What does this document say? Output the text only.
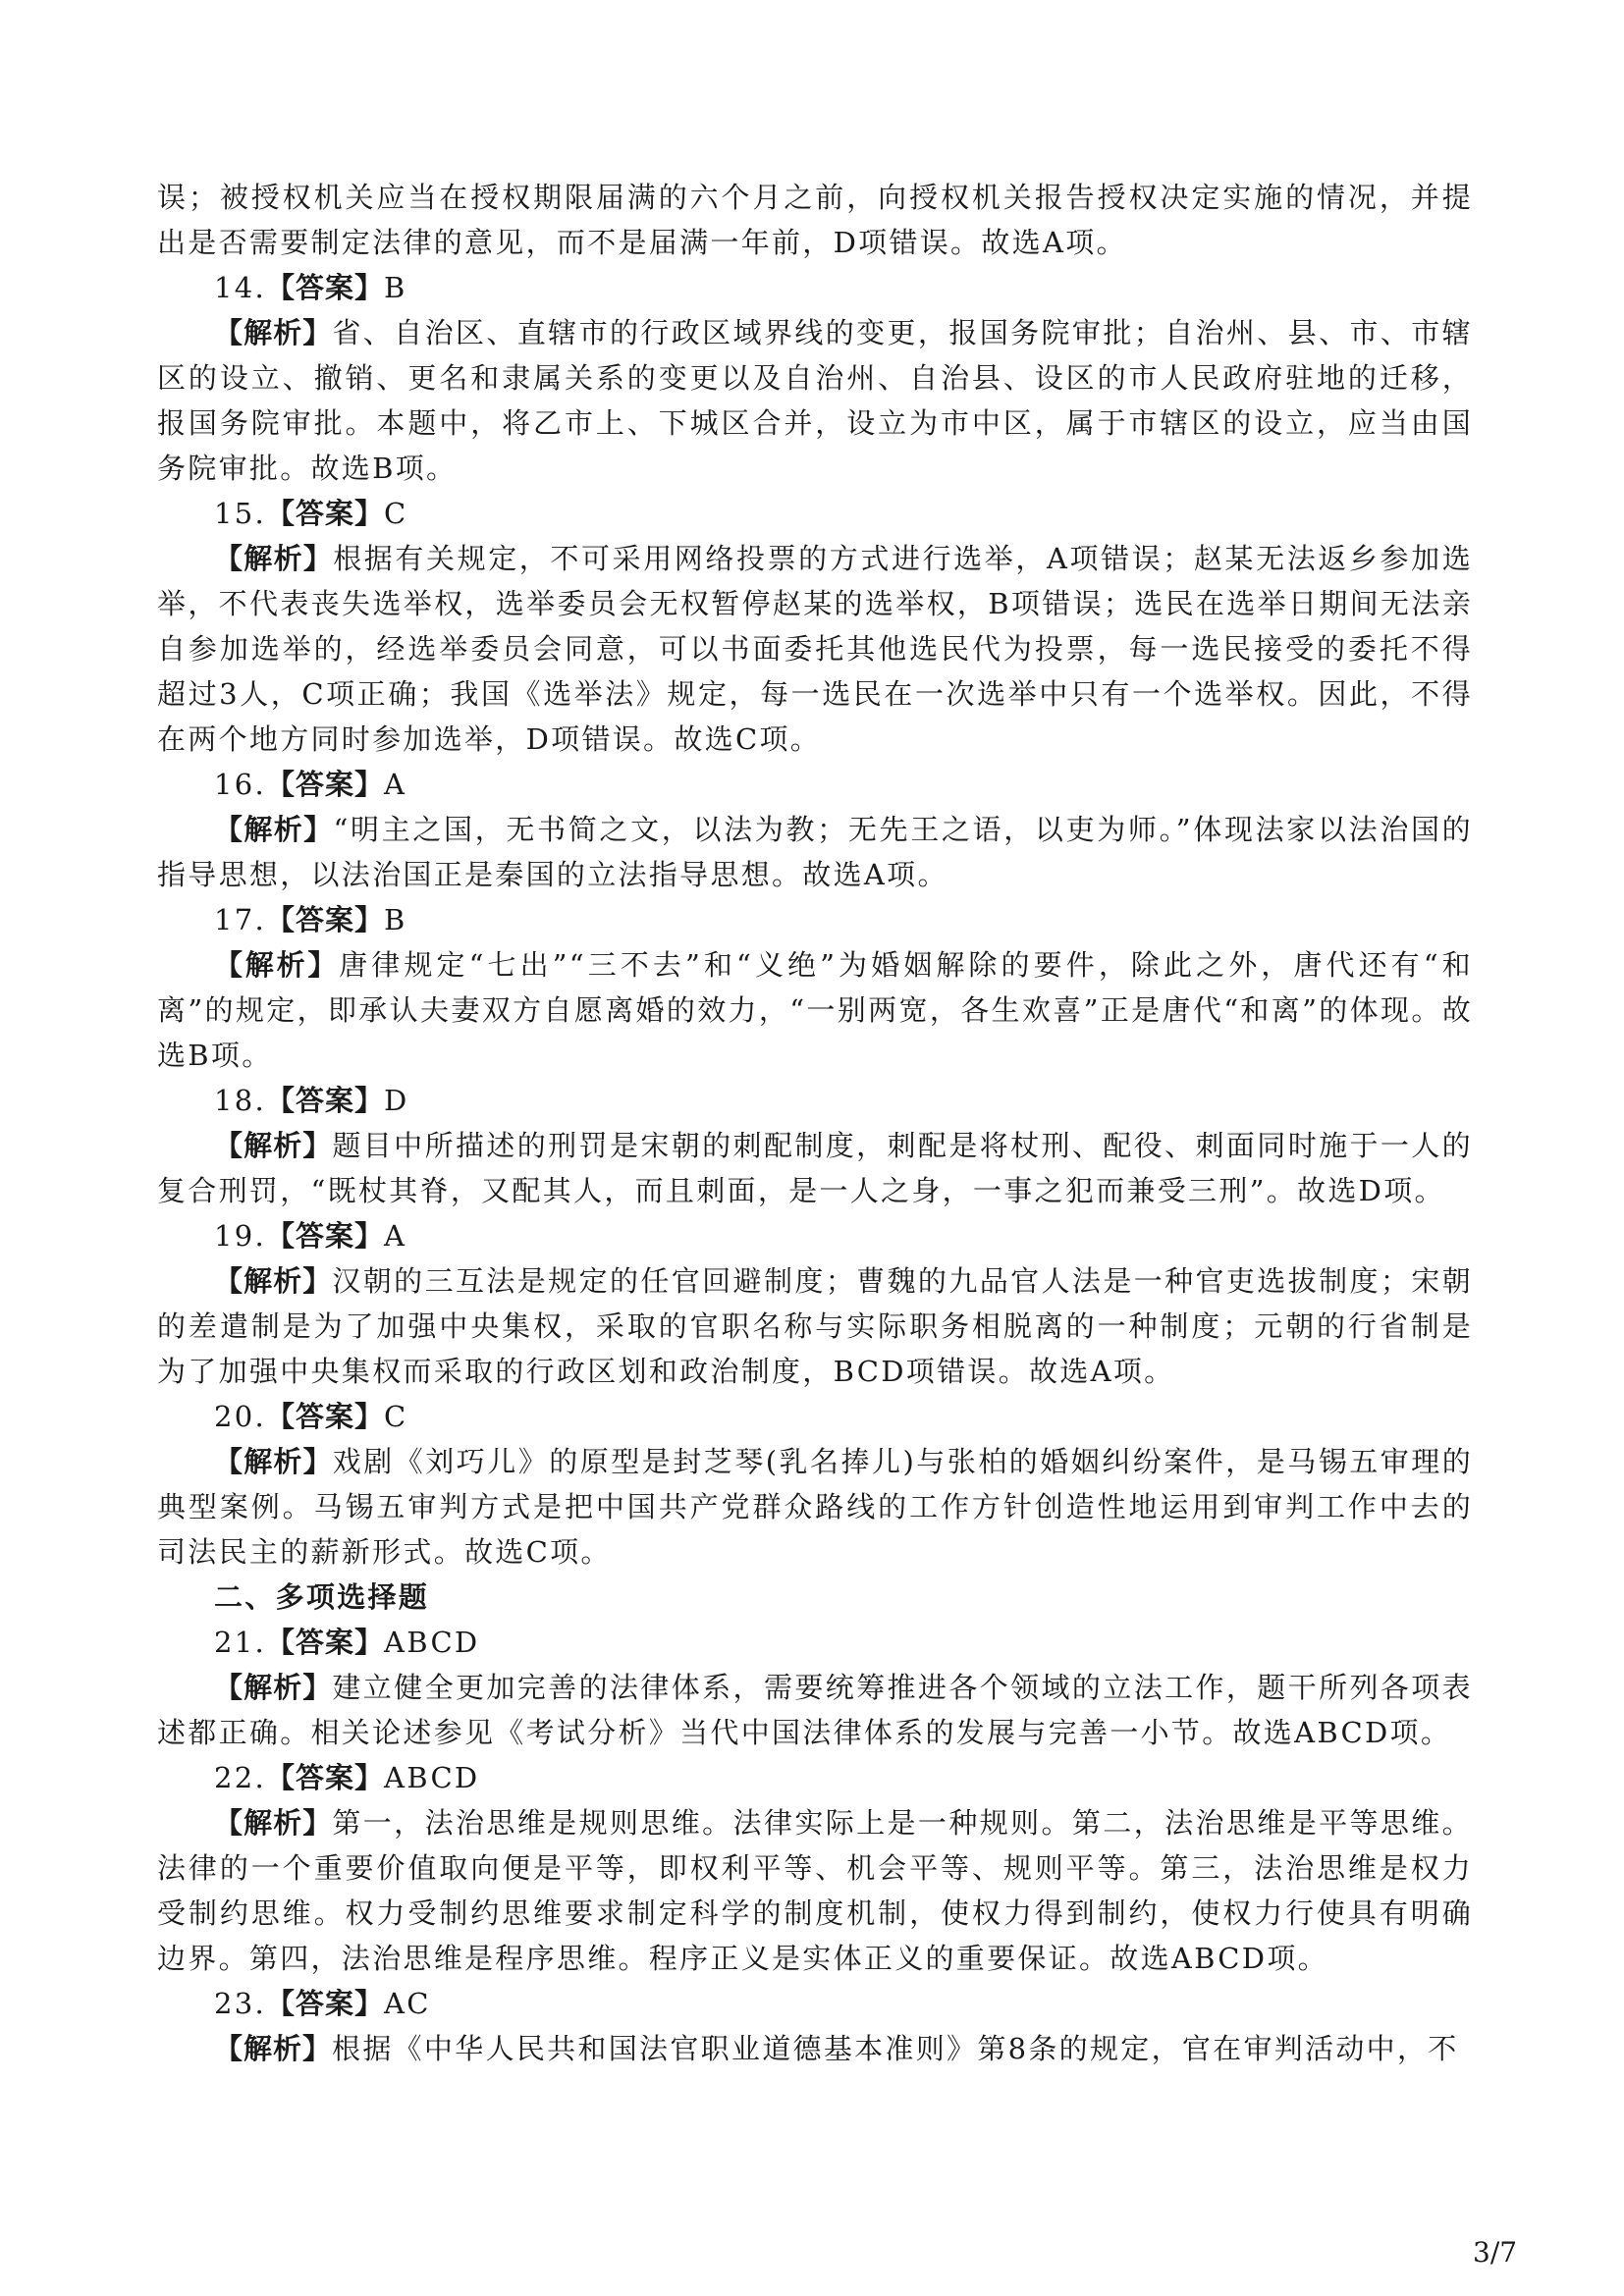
误；被授权机关应当在授权期限届满的六个月之前，向授权机关报告授权决定实施的情况，并提出是否需要制定法律的意见，而不是届满一年前，D项错误。故选A项。

14.【答案】B

【解析】省、自治区、直辖市的行政区域界线的变更，报国务院审批；自治州、县、市、市辖区的设立、撤销、更名和隶属关系的变更以及自治州、自治县、设区的市人民政府驻地的迁移，报国务院审批。本题中，将乙市上、下城区合并，设立为市中区，属于市辖区的设立，应当由国务院审批。故选B项。

15.【答案】C

【解析】根据有关规定，不可采用网络投票的方式进行选举，A项错误；赵某无法返乡参加选举，不代表丧失选举权，选举委员会无权暂停赵某的选举权，B项错误；选民在选举日期间无法亲自参加选举的，经选举委员会同意，可以书面委托其他选民代为投票，每一选民接受的委托不得超过3人，C项正确；我国《选举法》规定，每一选民在一次选举中只有一个选举权。因此，不得在两个地方同时参加选举，D项错误。故选C项。

16.【答案】A

【解析】“明主之国，无书简之文，以法为教；无先王之语，以吏为师。”体现法家以法治国的指导思想，以法治国正是秦国的立法指导思想。故选A项。

17.【答案】B

【解析】唐律规定“七出”“三不去”和“义绝”为婚姻解除的要件，除此之外，唐代还有“和离”的规定，即承认夫妻双方自愿离婚的效力，“一别两宽，各生欢喜”正是唐代“和离”的体现。故选B项。

18.【答案】D

【解析】题目中所描述的刑罚是宋朝的刺配制度，刺配是将杖刑、配役、刺面同时施于一人的复合刑罚，“既杖其脊，又配其人，而且刺面，是一人之身，一事之犯而兼受三刑”。故选D项。

19.【答案】A

【解析】汉朝的三互法是规定的任官回避制度；曹魏的九品官人法是一种官吏选拔制度；宋朝的差遣制是为了加强中央集权，采取的官职名称与实际职务相脱离的一种制度；元朝的行省制是为了加强中央集权而采取的行政区划和政治制度，BCD项错误。故选A项。

20.【答案】C

【解析】戏剧《刘巧儿》的原型是封芝琴(乳名捧儿)与张柏的婚姻纠纷案件，是马锡五审理的典型案例。马锡五审判方式是把中国共产党群众路线的工作方针创造性地运用到审判工作中去的司法民主的薪新形式。故选C项。

二、多项选择题

21.【答案】ABCD

【解析】建立健全更加完善的法律体系，需要统筹推进各个领域的立法工作，题干所列各项表述都正确。相关论述参见《考试分析》当代中国法律体系的发展与完善一小节。故选ABCD项。

22.【答案】ABCD

【解析】第一，法治思维是规则思维。法律实际上是一种规则。第二，法治思维是平等思维。法律的一个重要价值取向便是平等，即权利平等、机会平等、规则平等。第三，法治思维是权力受制约思维。权力受制约思维要求制定科学的制度机制，使权力得到制约，使权力行使具有明确边界。第四，法治思维是程序思维。程序正义是实体正义的重要保证。故选ABCD项。

23.【答案】AC

【解析】根据《中华人民共和国法官职业道德基本准则》第8条的规定，官在审判活动中，不

3/7
